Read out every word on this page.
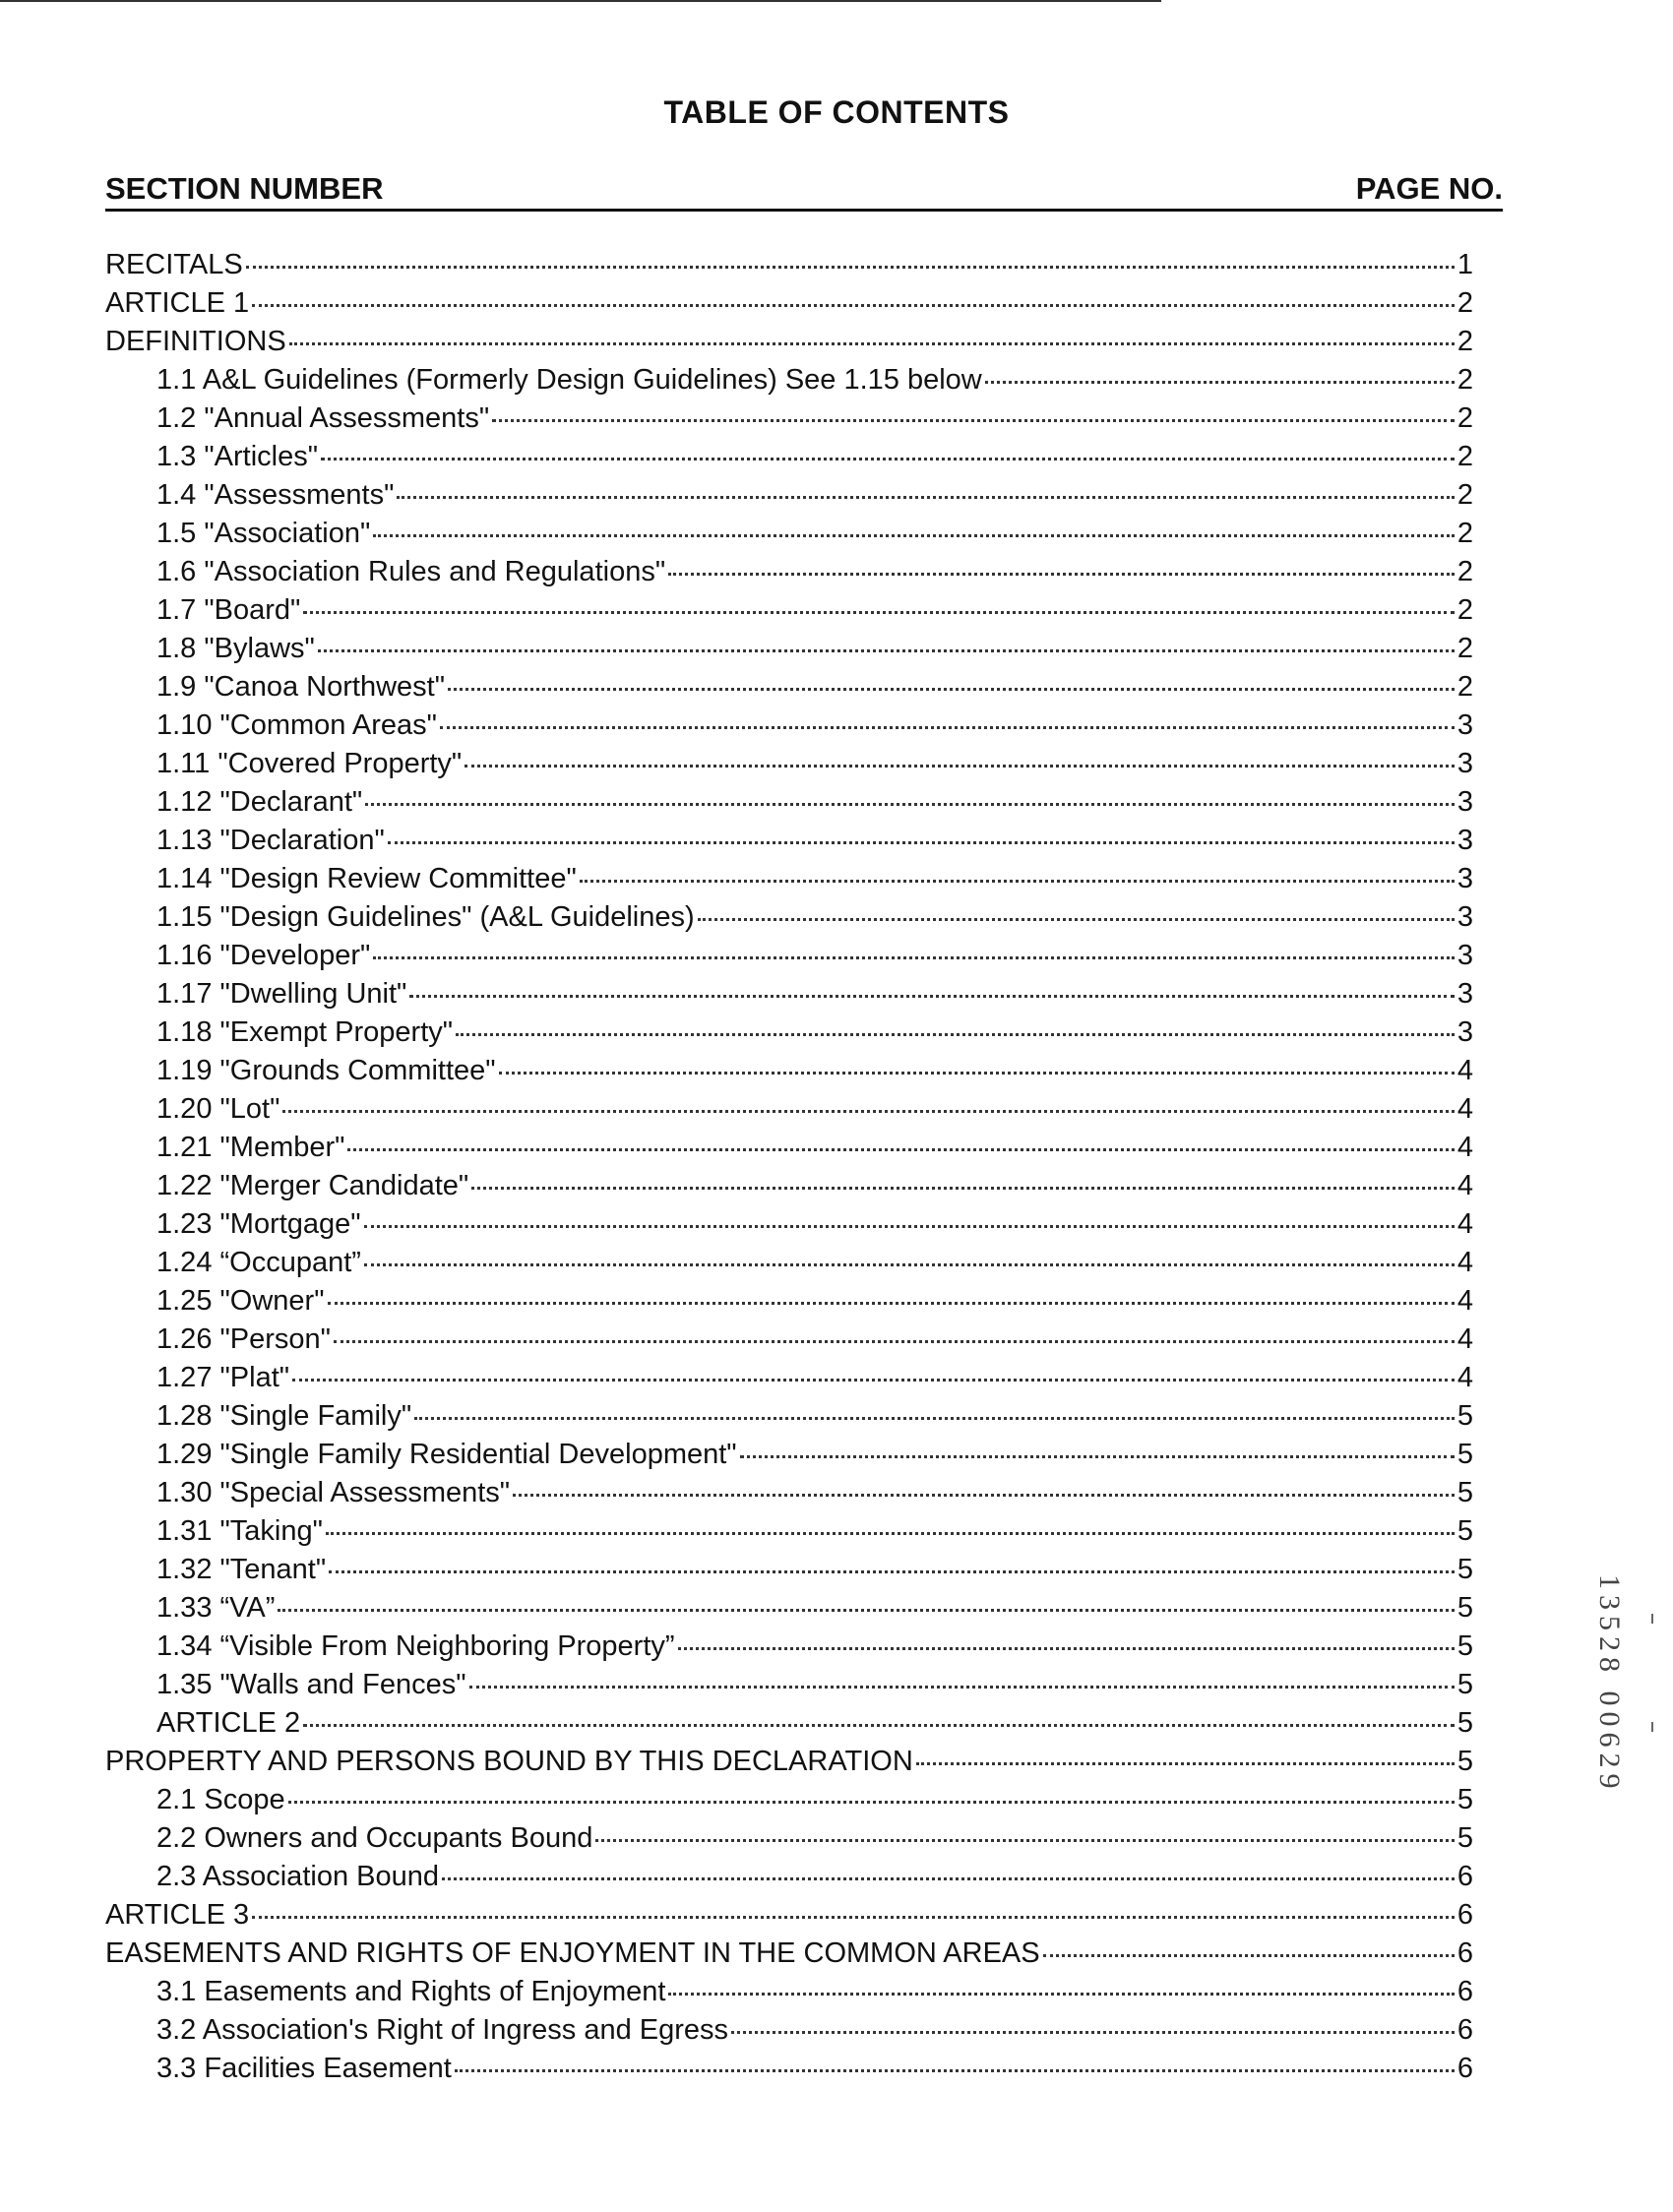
TABLE OF CONTENTS
SECTION NUMBER	PAGE NO.
RECITALS	1
ARTICLE 1	2
DEFINITIONS	2
1.1 A&L Guidelines (Formerly Design Guidelines) See 1.15 below	2
1.2 "Annual Assessments"	2
1.3 "Articles"	2
1.4 "Assessments"	2
1.5 "Association"	2
1.6 "Association Rules and Regulations"	2
1.7 "Board"	2
1.8 "Bylaws"	2
1.9 "Canoa Northwest"	2
1.10 "Common Areas"	3
1.11 "Covered Property"	3
1.12 "Declarant"	3
1.13 "Declaration"	3
1.14 "Design Review Committee"	3
1.15 "Design Guidelines" (A&L Guidelines)	3
1.16 "Developer"	3
1.17 "Dwelling Unit"	3
1.18 "Exempt Property"	3
1.19 "Grounds Committee"	4
1.20 "Lot"	4
1.21 "Member"	4
1.22 "Merger Candidate"	4
1.23 "Mortgage"	4
1.24 “Occupant”	4
1.25 "Owner"	4
1.26 "Person"	4
1.27 "Plat"	4
1.28 "Single Family"	5
1.29 "Single Family Residential Development"	5
1.30 "Special Assessments"	5
1.31 "Taking"	5
1.32 "Tenant"	5
1.33 “VA”	5
1.34 “Visible From Neighboring Property”	5
1.35 "Walls and Fences"	5
ARTICLE 2	5
PROPERTY AND PERSONS BOUND BY THIS DECLARATION	5
2.1 Scope	5
2.2 Owners and Occupants Bound	5
2.3 Association Bound	6
ARTICLE 3	6
EASEMENTS AND RIGHTS OF ENJOYMENT IN THE COMMON AREAS	6
3.1 Easements and Rights of Enjoyment	6
3.2 Association's Right of Ingress and Egress	6
3.3 Facilities Easement	6
13528 00629
